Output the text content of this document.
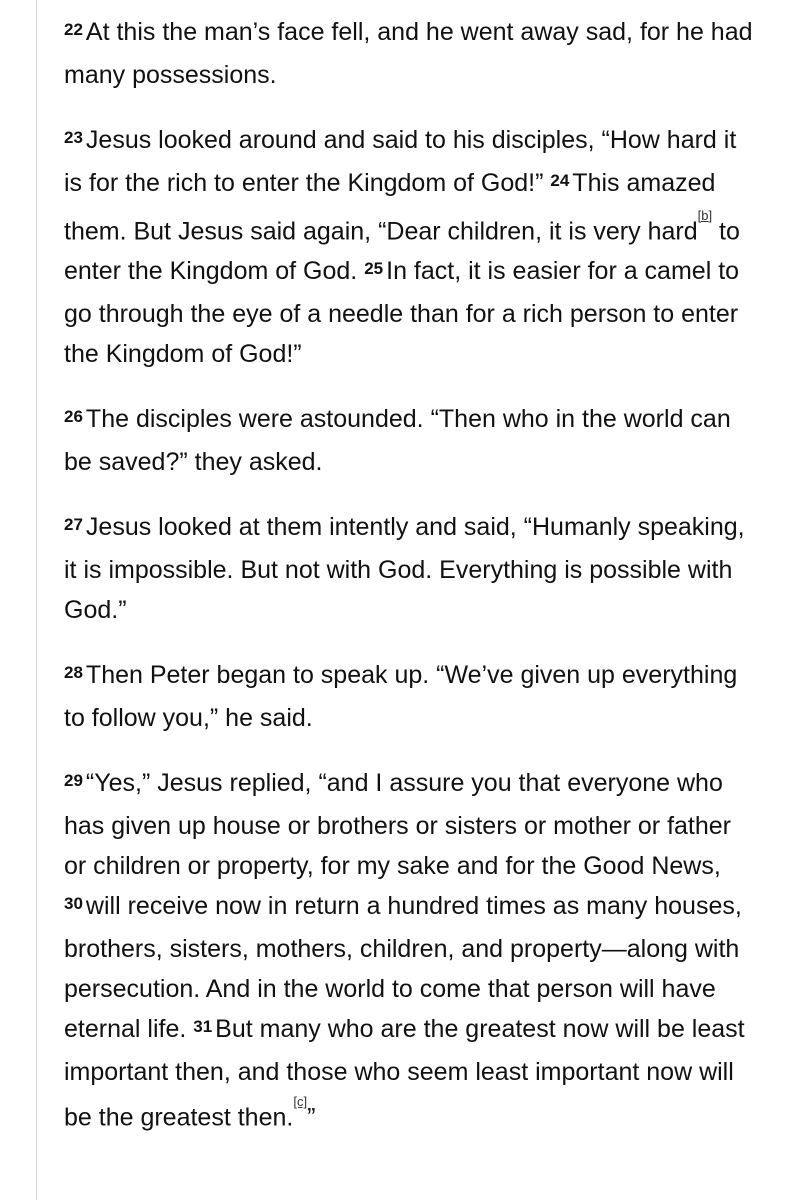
$^{22}$ At this the man’s face fell, and he went away sad, for he had many possessions.

$^{23}$ Jesus looked around and said to his disciples, “How hard it is for the rich to enter the Kingdom of God!” $^{24}$ This amazed them. But Jesus said again, “Dear children, it is very hard[b] to enter the Kingdom of God. $^{25}$ In fact, it is easier for a camel to go through the eye of a needle than for a rich person to enter the Kingdom of God!”

$^{26}$ The disciples were astounded. “Then who in the world can be saved?” they asked.

$^{27}$ Jesus looked at them intently and said, “Humanly speaking, it is impossible. But not with God. Everything is possible with God.”

$^{28}$ Then Peter began to speak up. “We’ve given up everything to follow you,” he said.

$^{29}$ “Yes,” Jesus replied, “and I assure you that everyone who has given up house or brothers or sisters or mother or father or children or property, for my sake and for the Good News, $^{30}$ will receive now in return a hundred times as many houses, brothers, sisters, mothers, children, and property—along with persecution. And in the world to come that person will have eternal life. $^{31}$ But many who are the greatest now will be least important then, and those who seem least important now will be the greatest then.[c]”
